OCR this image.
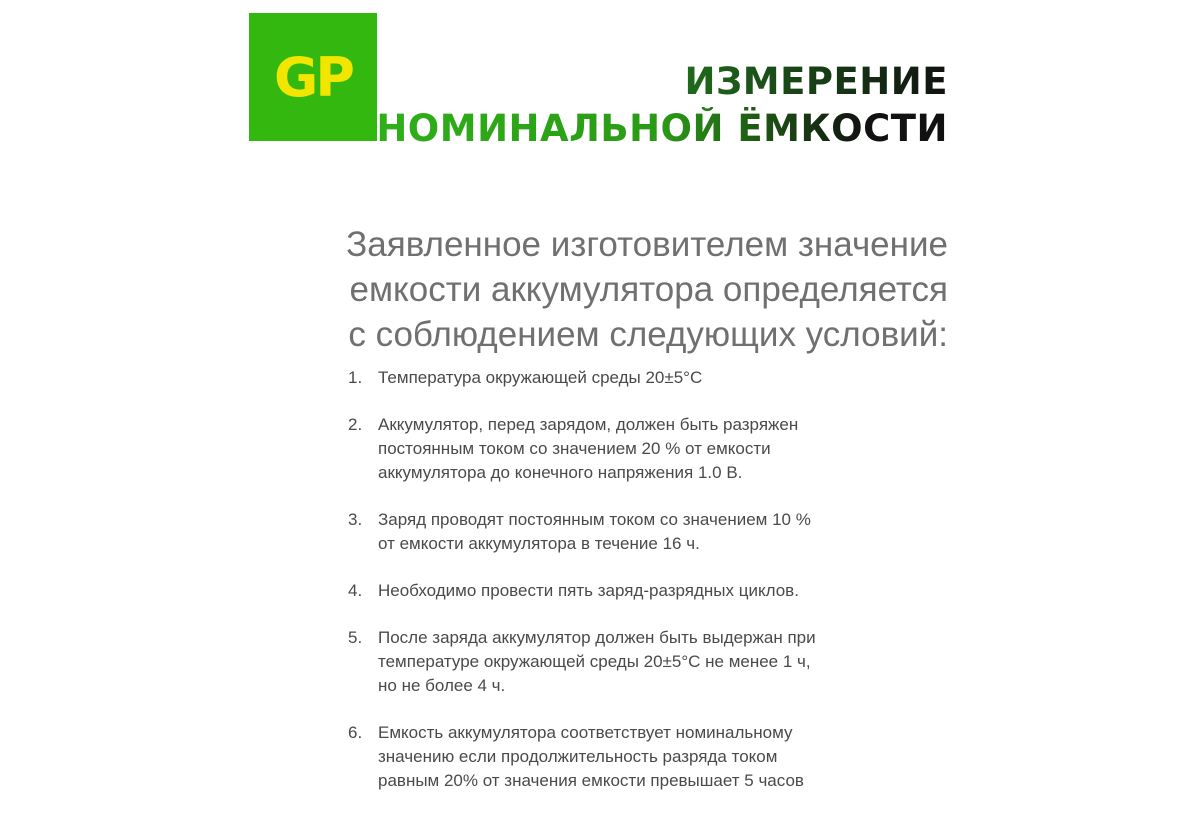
GP	ИЗМЕРЕНИЕ
НОМИНАЛЬНОЙ ЁМКОСТИ
Заявленное изготовителем значение
емкости аккумулятора определяется
с соблюдением следующих условий:
1. Температура окружающей среды 20±5°С
2. Аккумулятор, перед зарядом, должен быть разряжен
постоянным током со значением 20 % от емкости
аккумулятора до конечного напряжения 1.0 В.
3. Заряд проводят постоянным током со значением 10 %
от емкости аккумулятора в течение 16 ч.
4. Необходимо провести пять заряд-разрядных циклов.
5. После заряда аккумулятор должен быть выдержан при
температуре окружающей среды 20±5°С не менее 1 ч,
но не более 4 ч.
6. Емкость аккумулятора соответствует номинальному
значению если продолжительность разряда током
равным 20% от значения емкости превышает 5 часов
